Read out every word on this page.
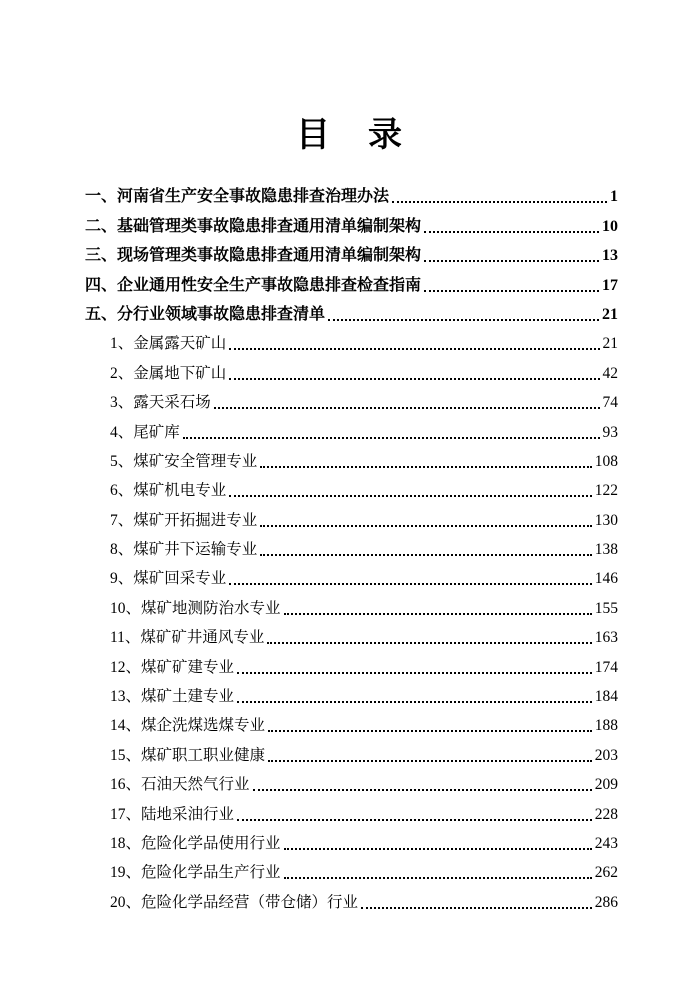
目　录
一、河南省生产安全事故隐患排查治理办法	1
二、基础管理类事故隐患排查通用清单编制架构	10
三、现场管理类事故隐患排查通用清单编制架构	13
四、企业通用性安全生产事故隐患排查检查指南	17
五、分行业领域事故隐患排查清单	21
1、金属露天矿山	21
2、金属地下矿山	42
3、露天采石场	74
4、尾矿库	93
5、煤矿安全管理专业	108
6、煤矿机电专业	122
7、煤矿开拓掘进专业	130
8、煤矿井下运输专业	138
9、煤矿回采专业	146
10、煤矿地测防治水专业	155
11、煤矿矿井通风专业	163
12、煤矿矿建专业	174
13、煤矿土建专业	184
14、煤企洗煤选煤专业	188
15、煤矿职工职业健康	203
16、石油天然气行业	209
17、陆地采油行业	228
18、危险化学品使用行业	243
19、危险化学品生产行业	262
20、危险化学品经营（带仓储）行业	286
